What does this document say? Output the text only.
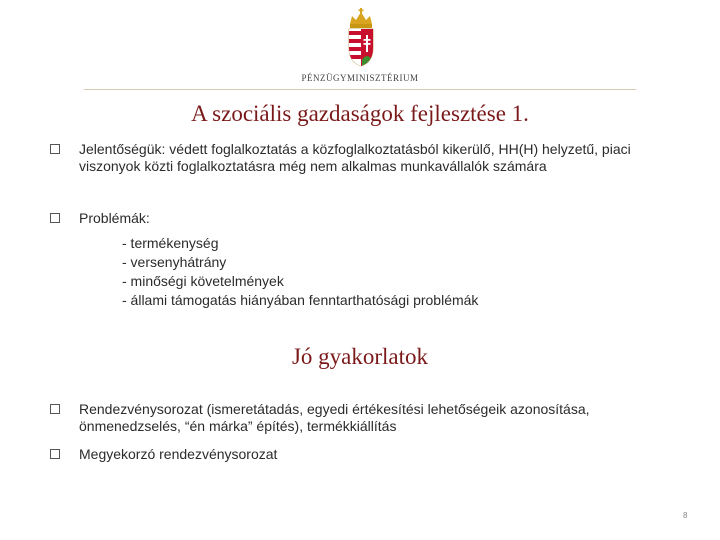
PÉNZÜGYMINISZTÉRIUM
A szociális gazdaságok fejlesztése 1.
Jelentőségük: védett foglalkoztatás a közfoglalkoztatásból kikerülő, HH(H) helyzetű, piaci viszonyok közti foglalkoztatásra még nem alkalmas munkavállalók számára
Problémák:
- termékenység
- versenyhátrány
- minőségi követelmények
- állami támogatás hiányában fenntarthatósági problémák
Jó gyakorlatok
Rendezvénysorozat (ismeretátadás, egyedi értékesítési lehetőségeik azonosítása, önmenedzselés, “én márka” építés), termékkiállítás
Megyekorzó rendezvénysorozat
8
